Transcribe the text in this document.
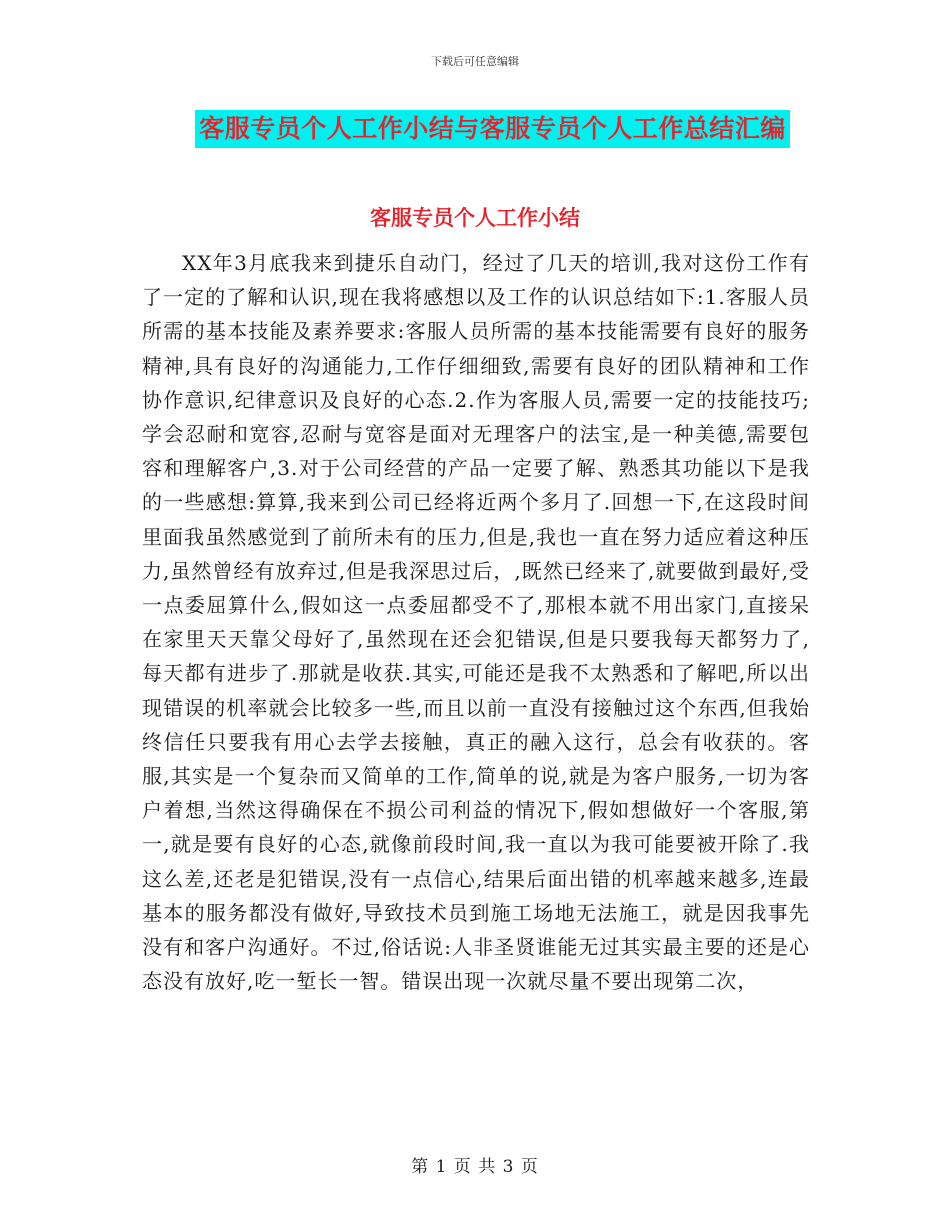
下载后可任意编辑
客服专员个人工作小结与客服专员个人工作总结汇编
客服专员个人工作小结

XX年3月底我来到捷乐自动门，经过了几天的培训,我对这份工作有了一定的了解和认识,现在我将感想以及工作的认识总结如下:1.客服人员所需的基本技能及素养要求:客服人员所需的基本技能需要有良好的服务精神,具有良好的沟通能力,工作仔细细致,需要有良好的团队精神和工作协作意识,纪律意识及良好的心态.2.作为客服人员,需要一定的技能技巧;学会忍耐和宽容,忍耐与宽容是面对无理客户的法宝,是一种美德,需要包容和理解客户,3.对于公司经营的产品一定要了解、熟悉其功能以下是我的一些感想:算算,我来到公司已经将近两个多月了.回想一下,在这段时间里面我虽然感觉到了前所未有的压力,但是,我也一直在努力适应着这种压力,虽然曾经有放弃过,但是我深思过后，,既然已经来了,就要做到最好,受一点委屈算什么,假如这一点委屈都受不了,那根本就不用出家门,直接呆在家里天天靠父母好了,虽然现在还会犯错误,但是只要我每天都努力了,每天都有进步了.那就是收获.其实,可能还是我不太熟悉和了解吧,所以出现错误的机率就会比较多一些,而且以前一直没有接触过这个东西,但我始终信任只要我有用心去学去接触，真正的融入这行，总会有收获的。客服,其实是一个复杂而又简单的工作,简单的说,就是为客户服务,一切为客户着想,当然这得确保在不损公司利益的情况下,假如想做好一个客服,第一,就是要有良好的心态,就像前段时间,我一直以为我可能要被开除了.我这么差,还老是犯错误,没有一点信心,结果后面出错的机率越来越多,连最基本的服务都没有做好,导致技术员到施工场地无法施工，就是因我事先没有和客户沟通好。不过,俗话说:人非圣贤谁能无过其实最主要的还是心态没有放好,吃一堑长一智。错误出现一次就尽量不要出现第二次，

第 1 页 共 3 页
